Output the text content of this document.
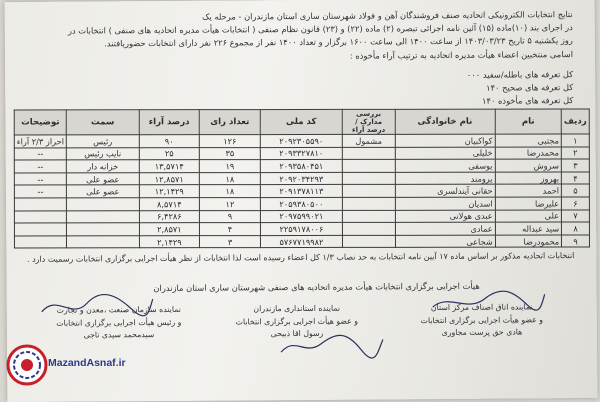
نتایج انتخابات الکترونیکی اتحادیه صنف فروشندگان آهن و فولاد شهرستان ساری استان مازندران - مرحله یک
در اجرای بند (۱۰)ماده (۱۵) آئین نامه اجرائی تبصره (۲) ماده (۲۲) و (۲۳) قانون نظام صنفی ( انتخابات هیأت مدیره اتحادیه های صنفی ) انتخابات در
روز یکشنبه ۵ تاریخ ۱۴۰۳/۰۳/۲۳ از ساعت ۱۴۰۰ الی ساعت ۱۶۰۰ برگزار و تعداد ۱۴۰۰ نفر از مجموع ۲۲۶ نفر دارای انتخابات حضوریافتند.
اسامی منتخبین اعضاء هیأت مدیره اتحادیه به ترتیب آراء مأخوذه :
کل تعرفه های باطله/سفید ۰۰۰
کل تعرفه های صحیح ۱۴۰
کل تعرفه های مأخوذه ۱۴۰
ردیف	نام	نام خانوادگی	بررسی مدارک / درصد آراء	کد ملی	تعداد رای	درصد آراء	سمت	توضیحات
۱	مجتبی	کواکبیان	مشمول	۲۰۹۲۳۰۵۵۹۰	۱۲۶	۹۰	رئیس	احراز ۲/۳ آراء
۲	محمدرضا	خلیلی		۲۰۹۳۳۲۷۸۱۰	۳۵	۲۵	نایب رئیس	--
۳	سروش	یوسفی		۲۰۹۳۵۸۰۴۵۱	۱۹	۱۳,۵۷۱۴	خزانه دار	--
۴	بهروز	یرومند		۲۰۹۲۰۳۴۲۹۳	۱۸	۱۲,۸۵۷۱	عضو علی	--
۵	احمد	حقانی آیندلسری		۲۰۹۱۳۷۸۱۱۳	۱۸	۱۲,۱۴۲۹	عضو علی	--
۶	علیرضا	اسدیان		۲۰۵۹۳۸۰۵۰۰	۱۲	۸,۵۷۱۴		
۷	علی	عبدی هولانی		۲۰۹۷۵۹۹۰۲۱	۹	۶,۴۲۸۶		
۸	سید عبداله	عمادی		۲۲۵۹۱۷۸۰۰۶	۴	۲,۸۵۷۱		
۹	محمودرضا	شجاعی		۵۷۶۷۷۱۹۹۸۲	۳	۲,۱۴۲۹		
انتخابات اتحادیه مذکور بر اساس ماده ۱۷ آیین نامه انتخابات به حد نصاب ۱/۳ کل اعضاء رسیده است لذا انتخابات از نظر هیأت اجرایی برگزاری انتخابات رسمیت دارد .
هیأت اجرایی برگزاری انتخابات هیأت مدیره اتحادیه های صنفی شهرستان ساری استان مازندران
نماینده اتاق اصناف مرکز استان
و عضو هیأت اجرایی برگزاری انتخابات
هادی حق پرست مجاوری
نماینده استانداری مازندران
و عضو هیأت اجرایی برگزاری انتخابات
رسول اقا ذبیحی
نماینده سازمان صنعت ،معدن و تجارت
و رئیس هیأت اجرایی برگزاری انتخابات
سیدمحمد سیدی تاجی
MazandAsnaf.ir
